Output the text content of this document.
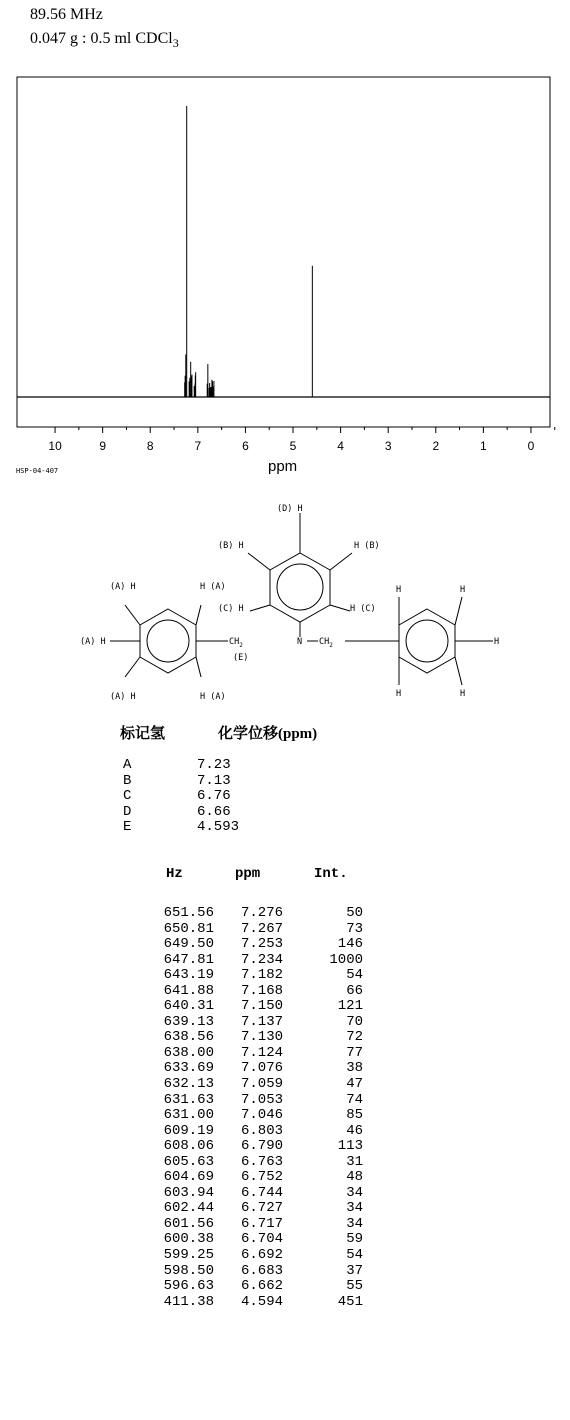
89.56 MHz
0.047 g : 0.5 ml CDCl$_3$
10	9	8	7	6	5	4	3	2	1	0
HSP-04-407	ppm
(D) H
(B) H	H (B)
(C) H	H (C)
(A) H	H (A)
(A) H
(A) H	H (A)
$CH_2$	N $CH_2$
(E)
H	H
H
H	H
标记氢	化学位移(ppm)
A	7.23
B	7.13
C	6.76
D	6.66
E	4.593
Hz	ppm	Int.
651.56	7.276	50
650.81	7.267	73
649.50	7.253	146
647.81	7.234	1000
643.19	7.182	54
641.88	7.168	66
640.31	7.150	121
639.13	7.137	70
638.56	7.130	72
638.00	7.124	77
633.69	7.076	38
632.13	7.059	47
631.63	7.053	74
631.00	7.046	85
609.19	6.803	46
608.06	6.790	113
605.63	6.763	31
604.69	6.752	48
603.94	6.744	34
602.44	6.727	34
601.56	6.717	34
600.38	6.704	59
599.25	6.692	54
598.50	6.683	37
596.63	6.662	55
411.38	4.594	451
